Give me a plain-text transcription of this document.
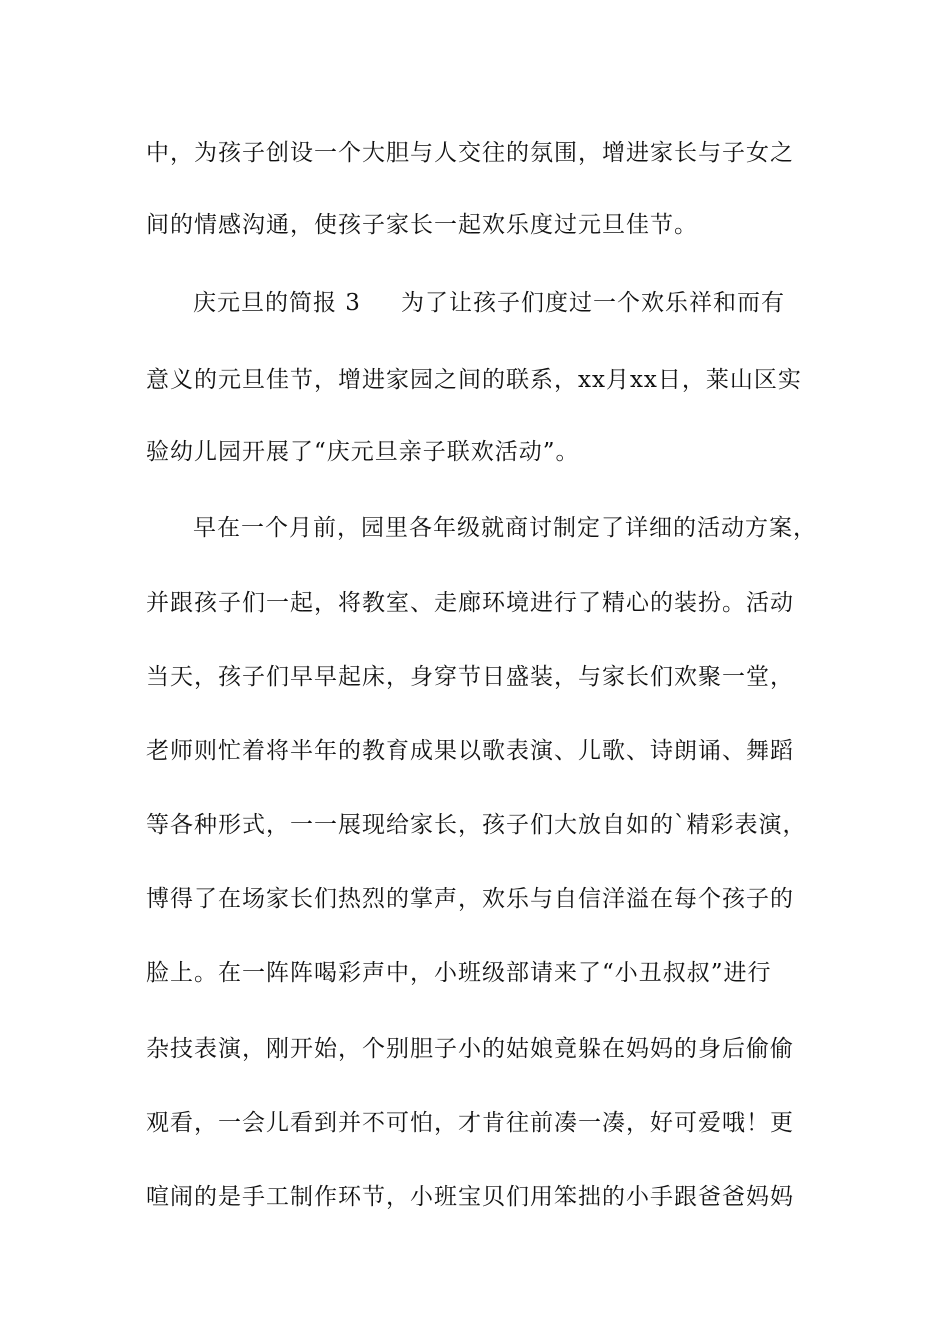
中，为孩子创设一个大胆与人交往的氛围，增进家长与子女之
间的情感沟通，使孩子家长一起欢乐度过元旦佳节。
庆元旦的简报 3 为了让孩子们度过一个欢乐祥和而有
意义的元旦佳节，增进家园之间的联系，xx月xx日，莱山区实
验幼儿园开展了“庆元旦亲子联欢活动”。
早在一个月前，园里各年级就商讨制定了详细的活动方案，
并跟孩子们一起，将教室、走廊环境进行了精心的装扮。活动
当天，孩子们早早起床，身穿节日盛装，与家长们欢聚一堂，
老师则忙着将半年的教育成果以歌表演、儿歌、诗朗诵、舞蹈
等各种形式，一一展现给家长，孩子们大放自如的`精彩表演，
博得了在场家长们热烈的掌声，欢乐与自信洋溢在每个孩子的
脸上。在一阵阵喝彩声中，小班级部请来了“小丑叔叔”进行
杂技表演，刚开始，个别胆子小的姑娘竟躲在妈妈的身后偷偷
观看，一会儿看到并不可怕，才肯往前凑一凑，好可爱哦！更
喧闹的是手工制作环节，小班宝贝们用笨拙的小手跟爸爸妈妈
